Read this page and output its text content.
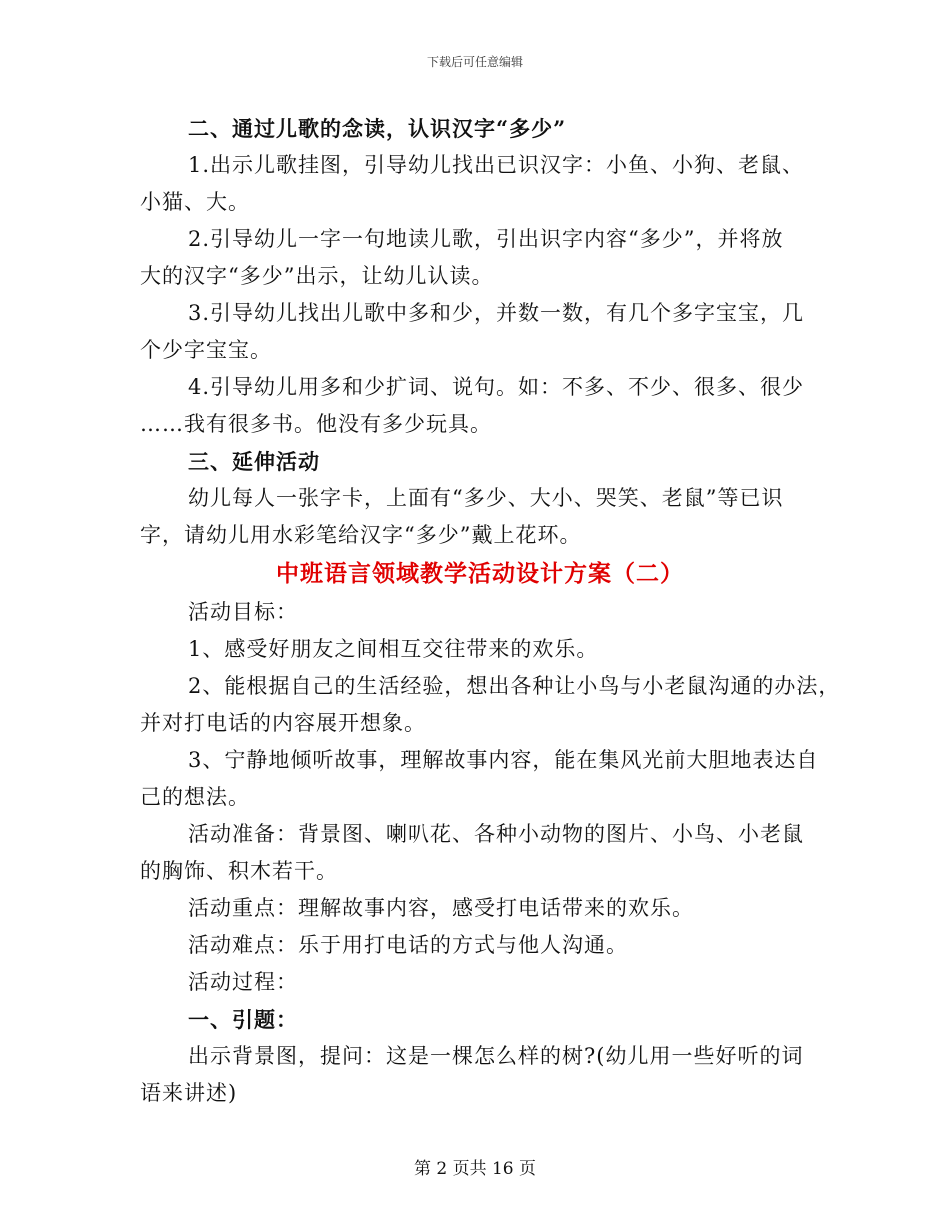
下载后可任意编辑

二、通过儿歌的念读，认识汉字“多少”

1.出示儿歌挂图，引导幼儿找出已识汉字：小鱼、小狗、老鼠、

小猫、大。

2.引导幼儿一字一句地读儿歌，引出识字内容“多少”，并将放

大的汉字“多少”出示，让幼儿认读。

3.引导幼儿找出儿歌中多和少，并数一数，有几个多字宝宝，几

个少字宝宝。

4.引导幼儿用多和少扩词、说句。如：不多、不少、很多、很少

……我有很多书。他没有多少玩具。

三、延伸活动

幼儿每人一张字卡，上面有“多少、大小、哭笑、老鼠”等已识

字，请幼儿用水彩笔给汉字“多少”戴上花环。

中班语言领域教学活动设计方案（二）

活动目标：

1、感受好朋友之间相互交往带来的欢乐。

2、能根据自己的生活经验，想出各种让小鸟与小老鼠沟通的办法，

并对打电话的内容展开想象。

3、宁静地倾听故事，理解故事内容，能在集风光前大胆地表达自

己的想法。

活动准备：背景图、喇叭花、各种小动物的图片、小鸟、小老鼠

的胸饰、积木若干。

活动重点：理解故事内容，感受打电话带来的欢乐。

活动难点：乐于用打电话的方式与他人沟通。

活动过程：

一、引题：

出示背景图，提问：这是一棵怎么样的树?(幼儿用一些好听的词

语来讲述)

第 2 页共 16 页
